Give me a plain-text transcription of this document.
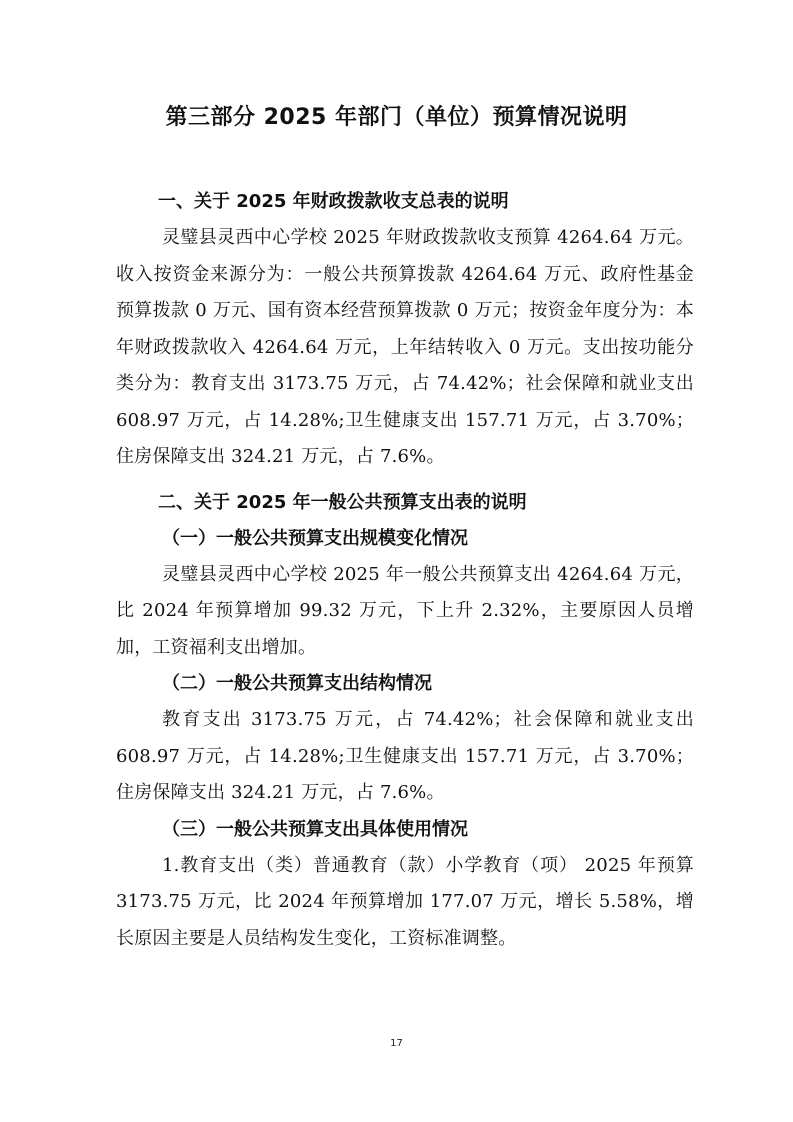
第三部分 2025 年部门（单位）预算情况说明
一、关于 2025 年财政拨款收支总表的说明
灵璧县灵西中心学校 2025 年财政拨款收支预算 4264.64 万元。收入按资金来源分为：一般公共预算拨款 4264.64 万元、政府性基金预算拨款 0 万元、国有资本经营预算拨款 0 万元；按资金年度分为：本年财政拨款收入 4264.64 万元，上年结转收入 0 万元。支出按功能分类分为：教育支出 3173.75 万元，占 74.42%；社会保障和就业支出 608.97 万元，占 14.28%;卫生健康支出 157.71 万元，占 3.70%；住房保障支出 324.21 万元，占 7.6%。
二、关于 2025 年一般公共预算支出表的说明
（一）一般公共预算支出规模变化情况
灵璧县灵西中心学校 2025 年一般公共预算支出 4264.64 万元，比 2024 年预算增加 99.32 万元，下上升 2.32%，主要原因人员增加，工资福利支出增加。
（二）一般公共预算支出结构情况
教育支出 3173.75 万元，占 74.42%；社会保障和就业支出 608.97 万元，占 14.28%;卫生健康支出 157.71 万元，占 3.70%；住房保障支出 324.21 万元，占 7.6%。
（三）一般公共预算支出具体使用情况
1.教育支出（类）普通教育（款）小学教育（项） 2025 年预算 3173.75 万元，比 2024 年预算增加 177.07 万元，增长 5.58%，增长原因主要是人员结构发生变化，工资标准调整。
17
